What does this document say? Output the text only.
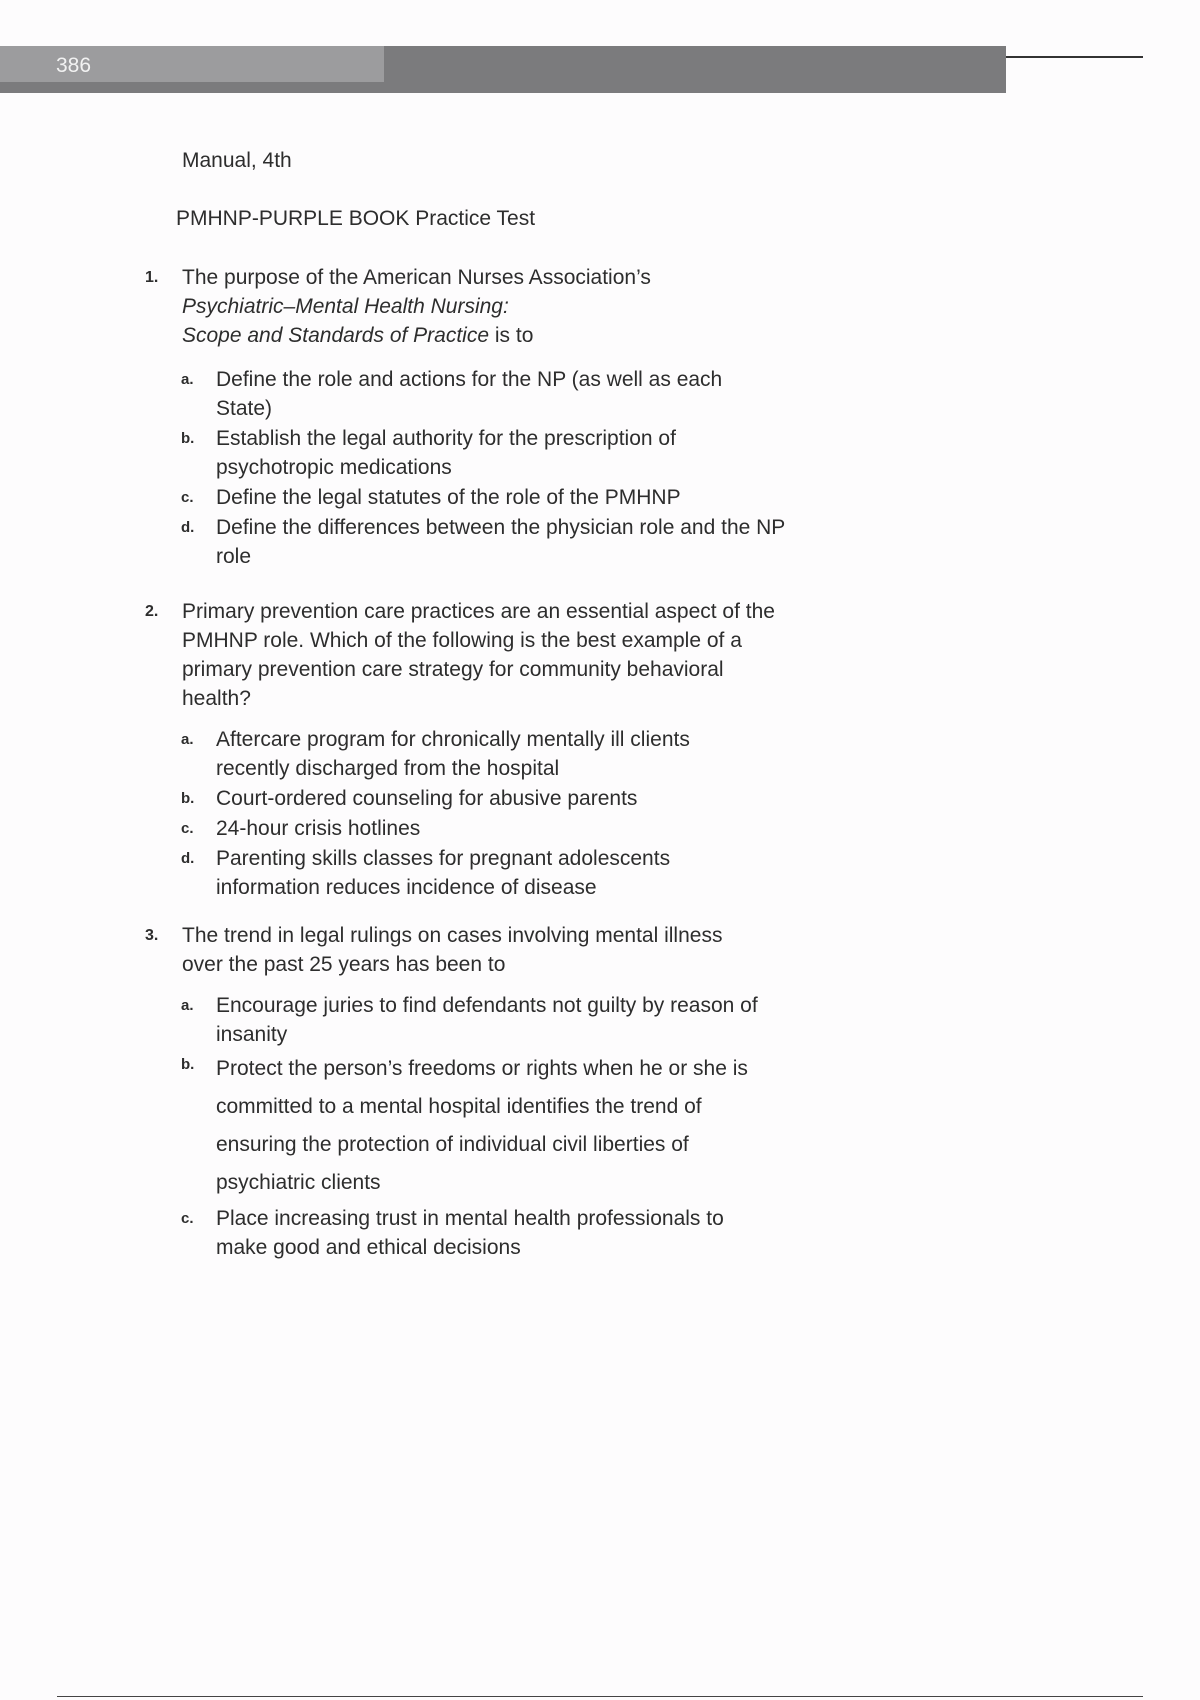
386
Manual, 4th
PMHNP-PURPLE BOOK Practice Test
1. The purpose of the American Nurses Association’s
Psychiatric–Mental Health Nursing:
Scope and Standards of Practice is to
a. Define the role and actions for the NP (as well as each State)
b. Establish the legal authority for the prescription of psychotropic medications
c. Define the legal statutes of the role of the PMHNP
d. Define the differences between the physician role and the NP role
2. Primary prevention care practices are an essential aspect of the PMHNP role. Which of the following is the best example of a primary prevention care strategy for community behavioral health?
a. Aftercare program for chronically mentally ill clients recently discharged from the hospital
b. Court-ordered counseling for abusive parents
c. 24-hour crisis hotlines
d. Parenting skills classes for pregnant adolescents information reduces incidence of disease
3. The trend in legal rulings on cases involving mental illness over the past 25 years has been to
a. Encourage juries to find defendants not guilty by reason of insanity
b. Protect the person’s freedoms or rights when he or she is committed to a mental hospital identifies the trend of ensuring the protection of individual civil liberties of psychiatric clients
c. Place increasing trust in mental health professionals to make good and ethical decisions
